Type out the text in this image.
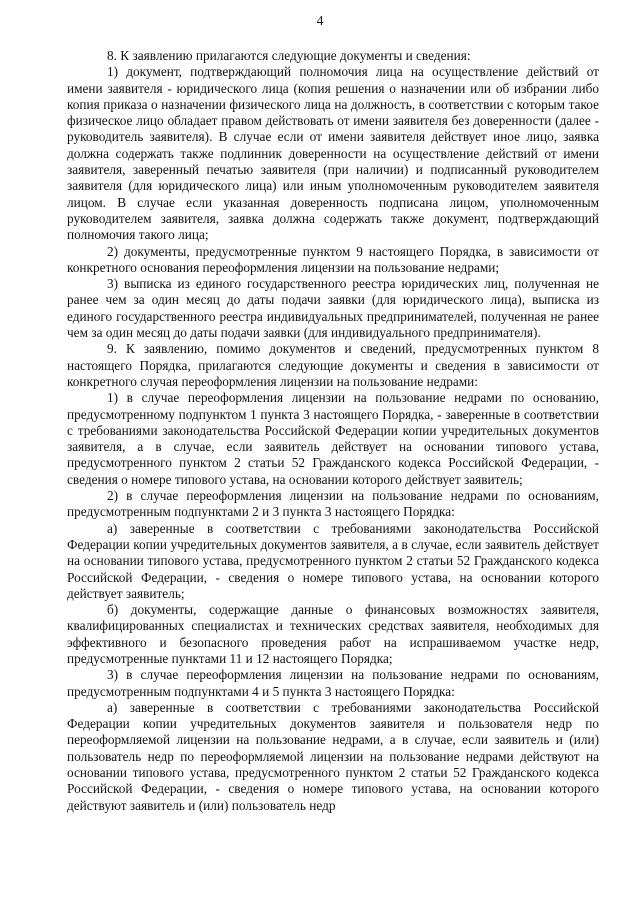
4

8. К заявлению прилагаются следующие документы и сведения:

1) документ, подтверждающий полномочия лица на осуществление действий от имени заявителя - юридического лица (копия решения о назначении или об избрании либо копия приказа о назначении физического лица на должность, в соответствии с которым такое физическое лицо обладает правом действовать от имени заявителя без доверенности (далее - руководитель заявителя). В случае если от имени заявителя действует иное лицо, заявка должна содержать также подлинник доверенности на осуществление действий от имени заявителя, заверенный печатью заявителя (при наличии) и подписанный руководителем заявителя (для юридического лица) или иным уполномоченным руководителем заявителя лицом. В случае если указанная доверенность подписана лицом, уполномоченным руководителем заявителя, заявка должна содержать также документ, подтверждающий полномочия такого лица;

2) документы, предусмотренные пунктом 9 настоящего Порядка, в зависимости от конкретного основания переоформления лицензии на пользование недрами;

3) выписка из единого государственного реестра юридических лиц, полученная не ранее чем за один месяц до даты подачи заявки (для юридического лица), выписка из единого государственного реестра индивидуальных предпринимателей, полученная не ранее чем за один месяц до даты подачи заявки (для индивидуального предпринимателя).

9. К заявлению, помимо документов и сведений, предусмотренных пунктом 8 настоящего Порядка, прилагаются следующие документы и сведения в зависимости от конкретного случая переоформления лицензии на пользование недрами:

1) в случае переоформления лицензии на пользование недрами по основанию, предусмотренному подпунктом 1 пункта 3 настоящего Порядка, - заверенные в соответствии с требованиями законодательства Российской Федерации копии учредительных документов заявителя, а в случае, если заявитель действует на основании типового устава, предусмотренного пунктом 2 статьи 52 Гражданского кодекса Российской Федерации, - сведения о номере типового устава, на основании которого действует заявитель;

2) в случае переоформления лицензии на пользование недрами по основаниям, предусмотренным подпунктами 2 и 3 пункта 3 настоящего Порядка:

а) заверенные в соответствии с требованиями законодательства Российской Федерации копии учредительных документов заявителя, а в случае, если заявитель действует на основании типового устава, предусмотренного пунктом 2 статьи 52 Гражданского кодекса Российской Федерации, - сведения о номере типового устава, на основании которого действует заявитель;

б) документы, содержащие данные о финансовых возможностях заявителя, квалифицированных специалистах и технических средствах заявителя, необходимых для эффективного и безопасного проведения работ на испрашиваемом участке недр, предусмотренные пунктами 11 и 12 настоящего Порядка;

3) в случае переоформления лицензии на пользование недрами по основаниям, предусмотренным подпунктами 4 и 5 пункта 3 настоящего Порядка:

а) заверенные в соответствии с требованиями законодательства Российской Федерации копии учредительных документов заявителя и пользователя недр по переоформляемой лицензии на пользование недрами, а в случае, если заявитель и (или) пользователь недр по переоформляемой лицензии на пользование недрами действуют на основании типового устава, предусмотренного пунктом 2 статьи 52 Гражданского кодекса Российской Федерации, - сведения о номере типового устава, на основании которого действуют заявитель и (или) пользователь недр
